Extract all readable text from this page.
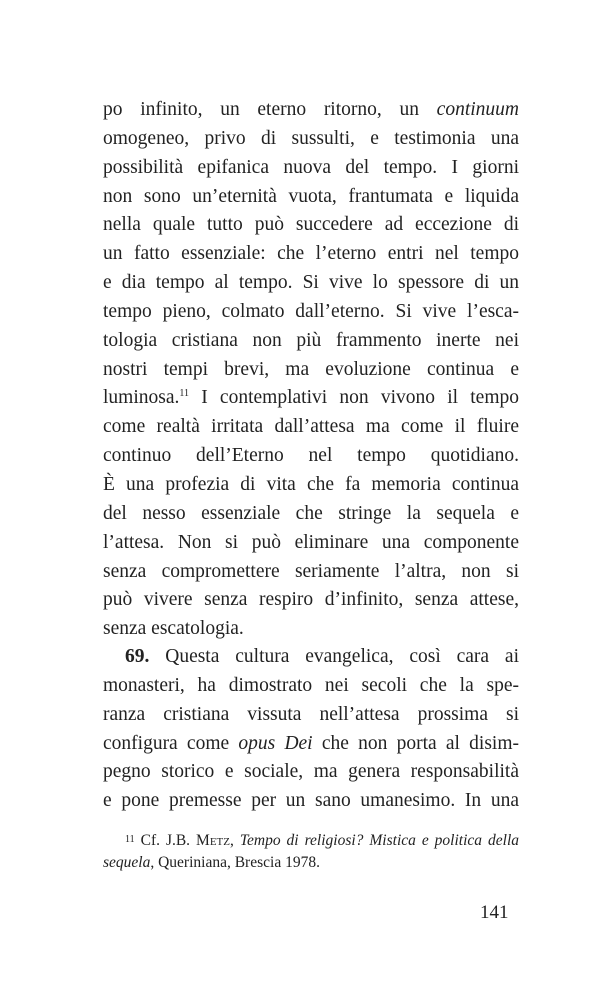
po infinito, un eterno ritorno, un continuum
omogeneo, privo di sussulti, e testimonia una
possibilità epifanica nuova del tempo. I giorni
non sono un’eternità vuota, frantumata e liquida
nella quale tutto può succedere ad eccezione di
un fatto essenziale: che l’eterno entri nel tempo
e dia tempo al tempo. Si vive lo spessore di un
tempo pieno, colmato dall’eterno. Si vive l’esca-
tologia cristiana non più frammento inerte nei
nostri tempi brevi, ma evoluzione continua e
luminosa.$^{11}$ I contemplativi non vivono il tempo
come realtà irritata dall’attesa ma come il fluire
continuo dell’Eterno nel tempo quotidiano.
È una profezia di vita che fa memoria continua
del nesso essenziale che stringe la sequela e
l’attesa. Non si può eliminare una componente
senza compromettere seriamente l’altra, non si
può vivere senza respiro d’infinito, senza attese,
senza escatologia.
69. Questa cultura evangelica, così cara ai
monasteri, ha dimostrato nei secoli che la spe-
ranza cristiana vissuta nell’attesa prossima si
configura come opus Dei che non porta al disim-
pegno storico e sociale, ma genera responsabilità
e pone premesse per un sano umanesimo. In una
$^{11}$ Cf. J.B. Metz, Tempo di religiosi? Mistica e politica della
sequela, Queriniana, Brescia 1978.
141
